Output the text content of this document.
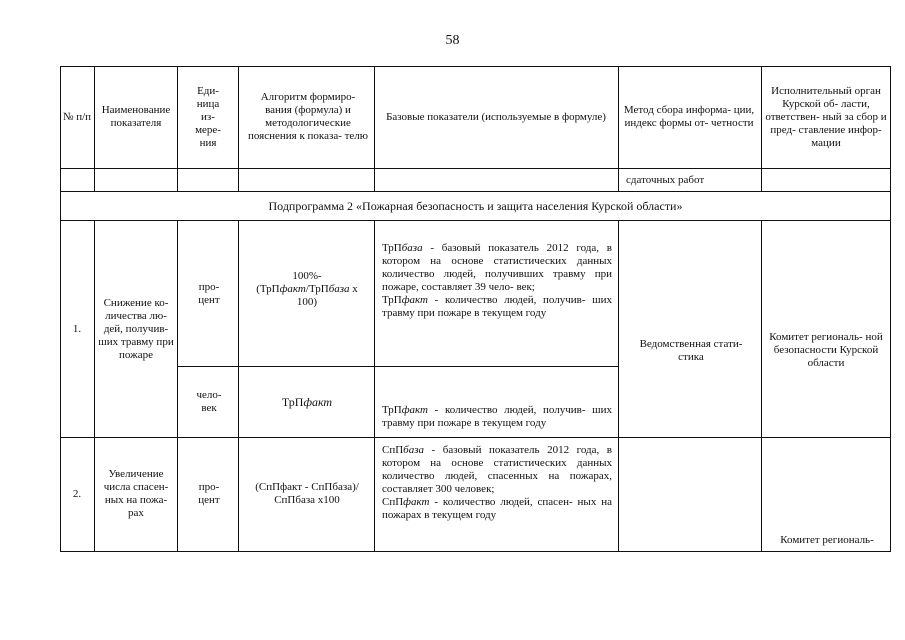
58
№ п/п
Наименование показателя
Еди- ница из- мере- ния
Алгоритм формиро- вания (формула) и методологические пояснения к показа- телю
Базовые показатели (используемые в формуле)
Метод сбора информа- ции, индекс формы от- четности
Исполнительный орган Курской об- ласти, ответствен- ный за сбор и пред- ставление инфор- мации
сдаточных работ
Подпрограмма 2 «Пожарная безопасность и защита населения Курской области»
1.
Снижение ко- личества лю- дей, получив- ших травму при пожаре
про- цент
100%-
(ТрПфакт/ТрПбаза x
100)
ТрПбаза - базовый показатель 2012 года, в котором на основе статистических данных количество людей, получивших травму при пожаре, составляет 39 чело- век;
ТрПфакт - количество людей, получив- ших травму при пожаре в текущем году
чело- век	ТрПфакт
ТрПфакт - количество людей, получив- ших травму при пожаре в текущем году
Ведомственная стати- стика
Комитет региональ- ной безопасности Курской области
2.
Увеличение числа спасен- ных на пожа- рах
про- цент
(СпПфакт - СпПбаза)/ СпПбаза х100
СпПбаза - базовый показатель 2012 года, в котором на основе статистических данных количество людей, спасенных на пожарах, составляет 300 человек;
СпПфакт - количество людей, спасен- ных на пожарах в текущем году
Комитет региональ-
